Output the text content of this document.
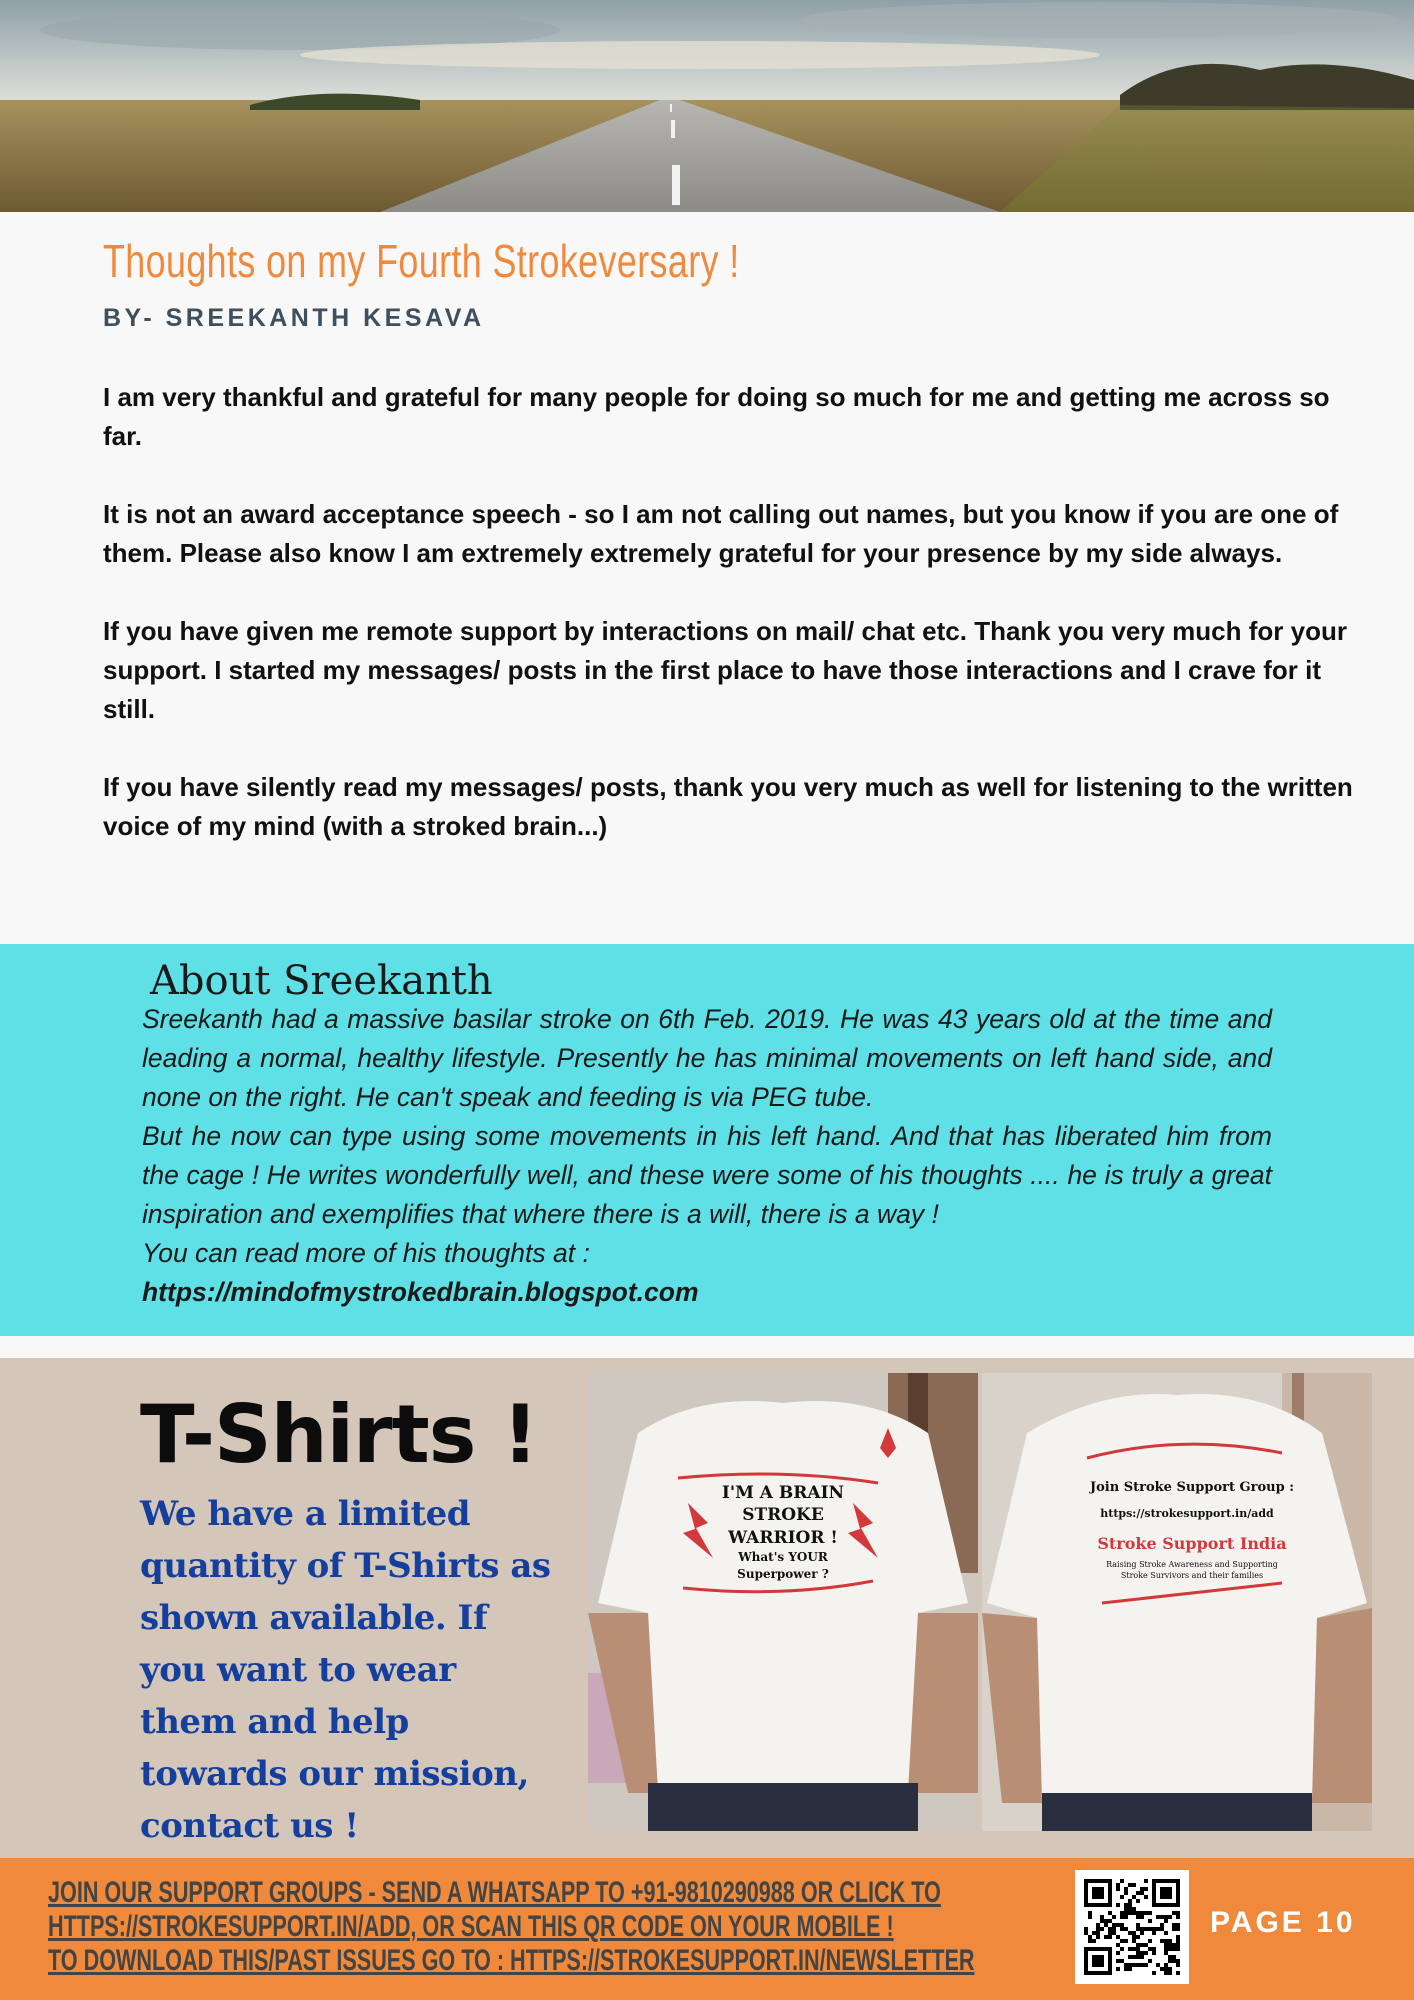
Thoughts on my Fourth Strokeversary !
BY- SREEKANTH KESAVA

I am very thankful and grateful for many people for doing so much for me and getting me across so far.

It is not an award acceptance speech - so I am not calling out names, but you know if you are one of them. Please also know I am extremely extremely grateful for your presence by my side always.

If you have given me remote support by interactions on mail/ chat etc. Thank you very much for your support. I started my messages/ posts in the first place to have those interactions and I crave for it still.

If you have silently read my messages/ posts, thank you very much as well for listening to the written voice of my mind (with a stroked brain...)

About Sreekanth
Sreekanth had a massive basilar stroke on 6th Feb. 2019. He was 43 years old at the time and leading a normal, healthy lifestyle. Presently he has minimal movements on left hand side, and none on the right. He can't speak and feeding is via PEG tube.
But he now can type using some movements in his left hand. And that has liberated him from the cage ! He writes wonderfully well, and these were some of his thoughts .... he is truly a great inspiration and exemplifies that where there is a will, there is a way !
You can read more of his thoughts at :
https://mindofmystrokedbrain.blogspot.com
T-Shirts !
We have a limited quantity of T-Shirts as shown available. If you want to wear them and help towards our mission, contact us !
I'M A BRAIN
STROKE
WARRIOR !
What's YOUR
Superpower ?
Join Stroke Support Group :
https://strokesupport.in/add
Stroke Support India
Raising Stroke Awareness and Supporting
Stroke Survivors and their families
JOIN OUR SUPPORT GROUPS - SEND A WHATSAPP TO +91-9810290988 OR CLICK TO
HTTPS://STROKESUPPORT.IN/ADD, OR SCAN THIS QR CODE ON YOUR MOBILE !
TO DOWNLOAD THIS/PAST ISSUES GO TO : HTTPS://STROKESUPPORT.IN/NEWSLETTER
PAGE 10
